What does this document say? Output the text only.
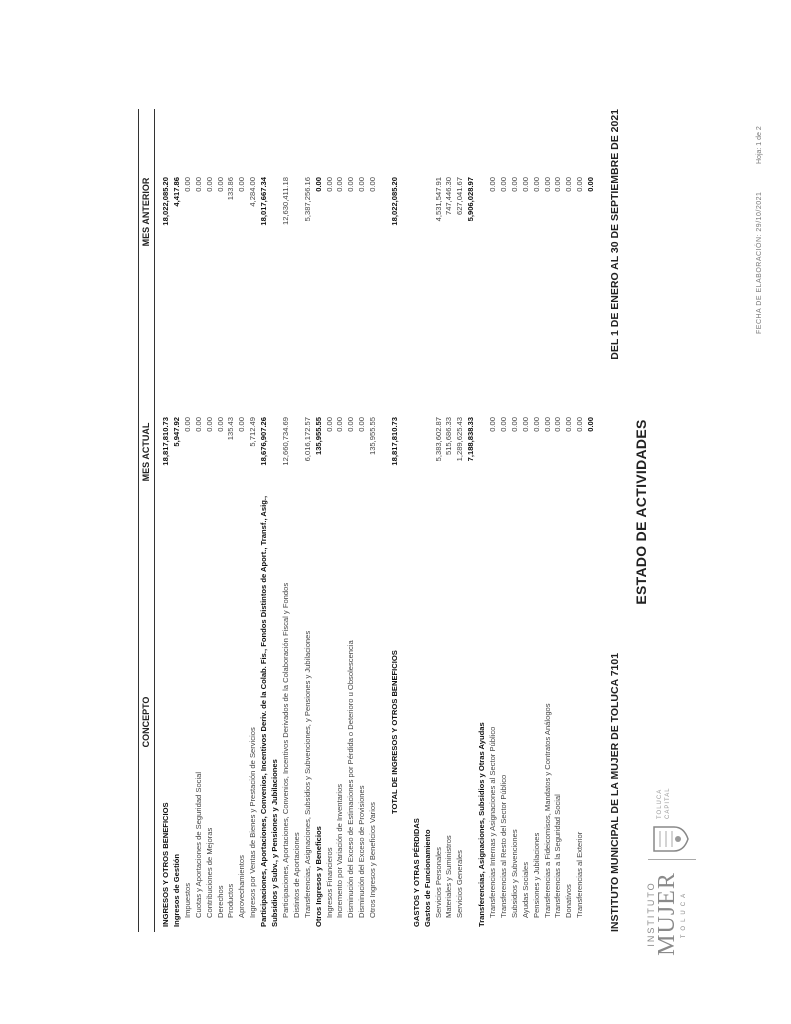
INSTITUTO
MUJER TOLUCA
TOLUCA
CAPITAL
ESTADO DE ACTIVIDADES
INSTITUTO MUNICIPAL DE LA MUJER DE TOLUCA 7101
DEL 1 DE ENERO AL 30 DE SEPTIEMBRE DE 2021
CONCEPTO
MES ACTUAL
MES ANTERIOR
INGRESOS Y OTROS BENEFICIOS
18,817,810.73
18,022,085.20
Ingresos de Gestión
5,947.92
4,417.86
Impuestos
0.00
0.00
Cuotas y Aportaciones de Seguridad Social
0.00
0.00
Contribuciones de Mejoras
0.00
0.00
Derechos
0.00
0.00
Productos
135.43
133.86
Aprovechamientos
0.00
0.00
Ingresos por Ventas de Bienes y Prestación de Servicios
5,712.49
4,284.00
Participaciones, Aportaciones, Convenios, Incentivos Deriv. de la Colab. Fis., Fondos Distintos de Aport., Transf., Asig.,
18,676,907.26
18,017,667.34
Subsidios y Subv., y Pensiones y Jubilaciones Participaciones, Aportaciones, Convenios, Incentivos Derivados de la Colaboración Fiscal y Fondos
12,660,734.69
12,630,411.18
Distintos de Aportaciones Transferencias, Asignaciones, Subsidios y Subvenciones, y Pensiones y Jubilaciones
6,016,172.57
5,387,256.16
Otros Ingresos y Beneficios
135,955.55
0.00
Ingresos Financieros
0.00
0.00
Incremento por Variación de Inventarios
0.00
0.00
Disminución del Exceso de Estimaciones por Pérdida o Deterioro u Obsolescencia
0.00
0.00
Disminución del Exceso de Provisiones
0.00
0.00
Otros Ingresos y Beneficios Varios
135,955.55
0.00
TOTAL DE INGRESOS Y OTROS BENEFICIOS
18,817,810.73
18,022,085.20
GASTOS Y OTRAS PÉRDIDAS Gastos de Funcionamiento Servicios Personales
5,383,602.87
4,531,547.91
Materiales y Suministros
515,686.33
747,446.30
Servicios Generales
1,289,625.43
627,041.67
7,188,838.33
5,906,028.97
Transferencias, Asignaciones, Subsidios y Otras Ayudas Transferencias Internas y Asignaciones al Sector Público
0.00
0.00
Transferencias al Resto del Sector Público
0.00
0.00
Subsidios y Subvenciones
0.00
0.00
Ayudas Sociales
0.00
0.00
Pensiones y Jubilaciones
0.00
0.00
Transferencias a Fideicomisos, Mandatos y Contratos Análogos
0.00
0.00
Transferencias a la Seguridad Social
0.00
0.00
Donativos
0.00
0.00
Transferencias al Exterior
0.00
0.00
0.00
0.00
FECHA DE ELABORACIÓN: 29/10/2021
Hoja: 1 de 2
